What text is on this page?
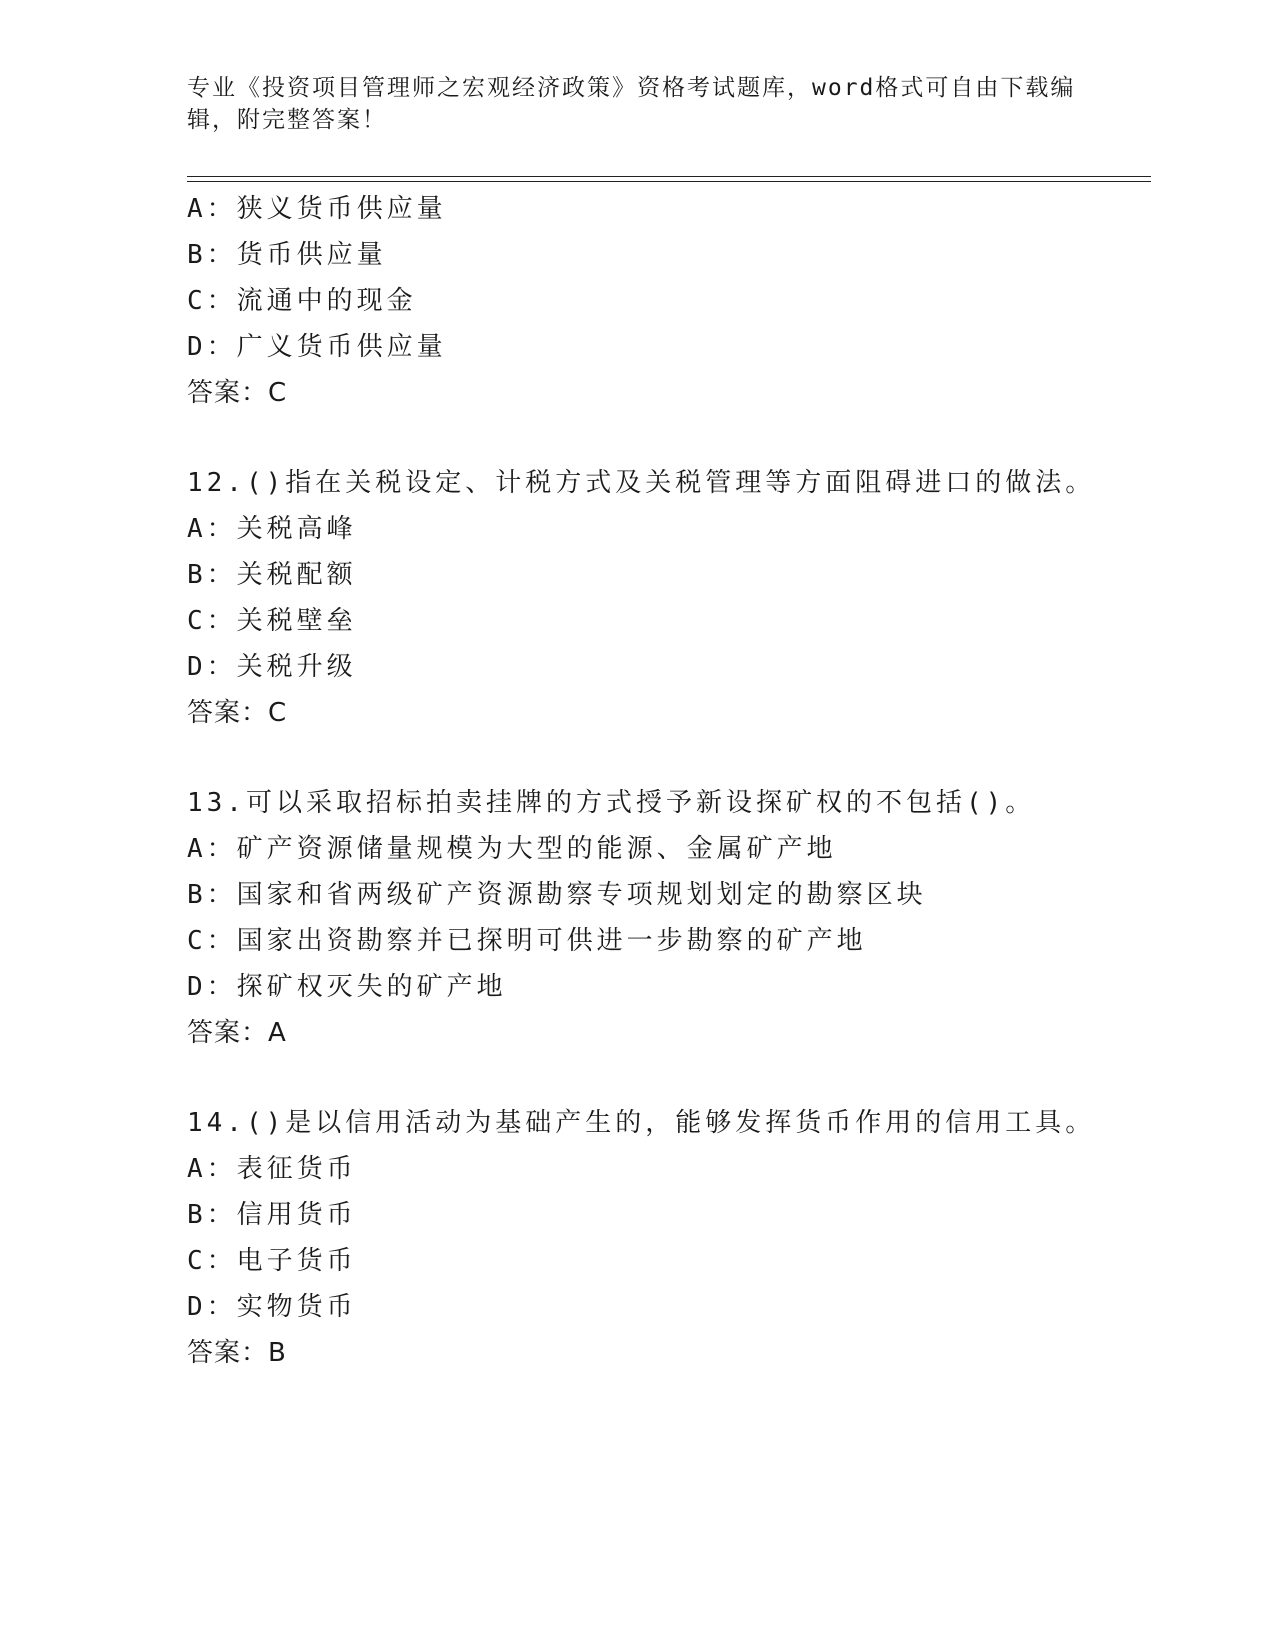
专业《投资项目管理师之宏观经济政策》资格考试题库，word格式可自由下载编
辑，附完整答案！
A：狭义货币供应量
B：货币供应量
C：流通中的现金
D：广义货币供应量
答案：C
12.()指在关税设定、计税方式及关税管理等方面阻碍进口的做法。
A：关税高峰
B：关税配额
C：关税壁垒
D：关税升级
答案：C
13.可以采取招标拍卖挂牌的方式授予新设探矿权的不包括()。
A：矿产资源储量规模为大型的能源、金属矿产地
B：国家和省两级矿产资源勘察专项规划划定的勘察区块
C：国家出资勘察并已探明可供进一步勘察的矿产地
D：探矿权灭失的矿产地
答案：A
14.()是以信用活动为基础产生的，能够发挥货币作用的信用工具。
A：表征货币
B：信用货币
C：电子货币
D：实物货币
答案：B
